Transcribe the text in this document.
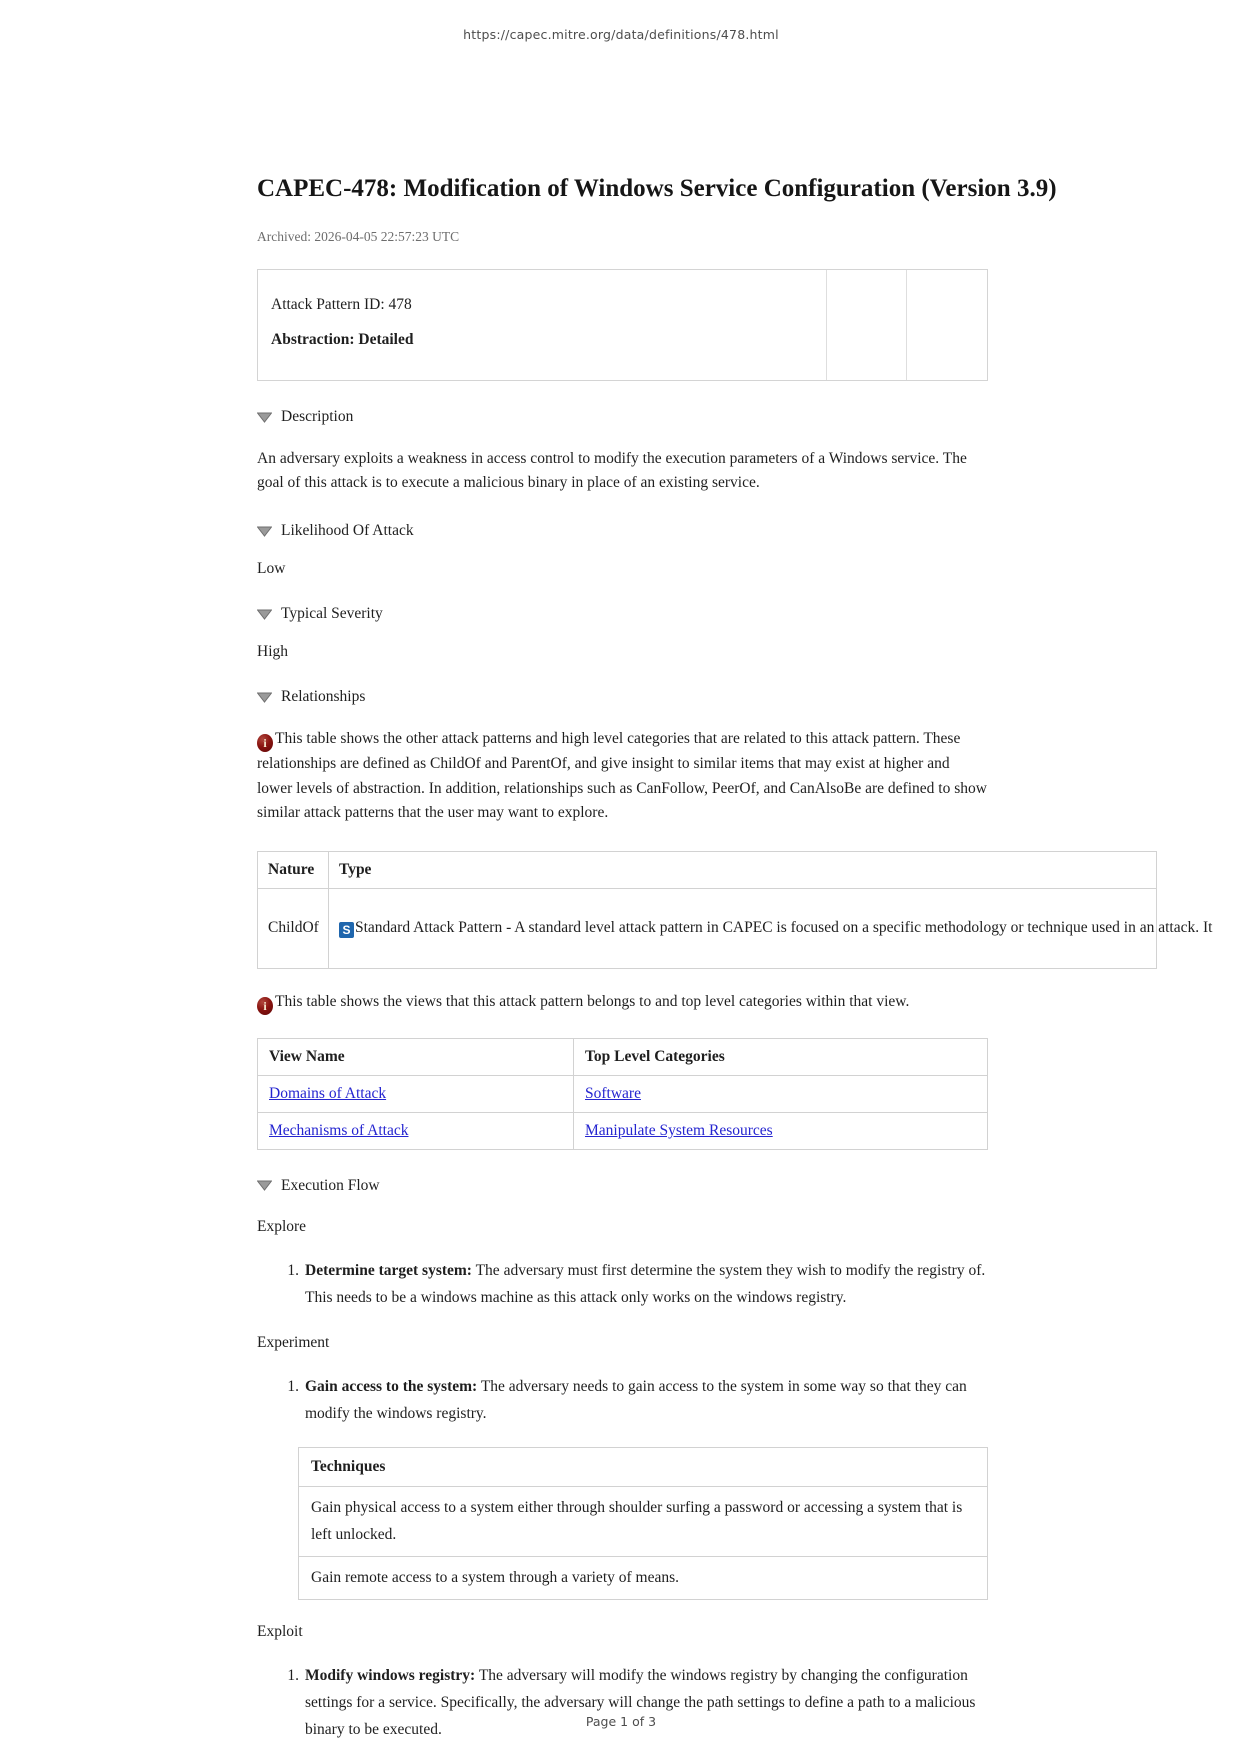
https://capec.mitre.org/data/definitions/478.html
CAPEC-478: Modification of Windows Service Configuration (Version 3.9)
Archived: 2026-04-05 22:57:23 UTC

Attack Pattern ID: 478

Abstraction: Detailed

Description

An adversary exploits a weakness in access control to modify the execution parameters of a Windows service. The goal of this attack is to execute a malicious binary in place of an existing service.

Likelihood Of Attack

Low

Typical Severity

High

Relationships

iThis table shows the other attack patterns and high level categories that are related to this attack pattern. These relationships are defined as ChildOf and ParentOf, and give insight to similar items that may exist at higher and lower levels of abstraction. In addition, relationships such as CanFollow, PeerOf, and CanAlsoBe are defined to show similar attack patterns that the user may want to explore.

Nature	Type
ChildOf S	Standard Attack Pattern - A standard level attack pattern in CAPEC is focused on a specific methodology or technique used in an attack. It

iThis table shows the views that this attack pattern belongs to and top level categories within that view.

View Name	Top Level Categories
Domains of Attack	Software
Mechanisms of Attack	Manipulate System Resources
Execution Flow

Explore

1. Determine target system: The adversary must first determine the system they wish to modify the registry of. This needs to be a windows machine as this attack only works on the windows registry.

Experiment

1. Gain access to the system: The adversary needs to gain access to the system in some way so that they can modify the windows registry.
Techniques
Gain physical access to a system either through shoulder surfing a password or accessing a system that is left unlocked.
Gain remote access to a system through a variety of means.

Exploit

1. Modify windows registry: The adversary will modify the windows registry by changing the configuration settings for a service. Specifically, the adversary will change the path settings to define a path to a malicious binary to be executed.	Page 1 of 3
